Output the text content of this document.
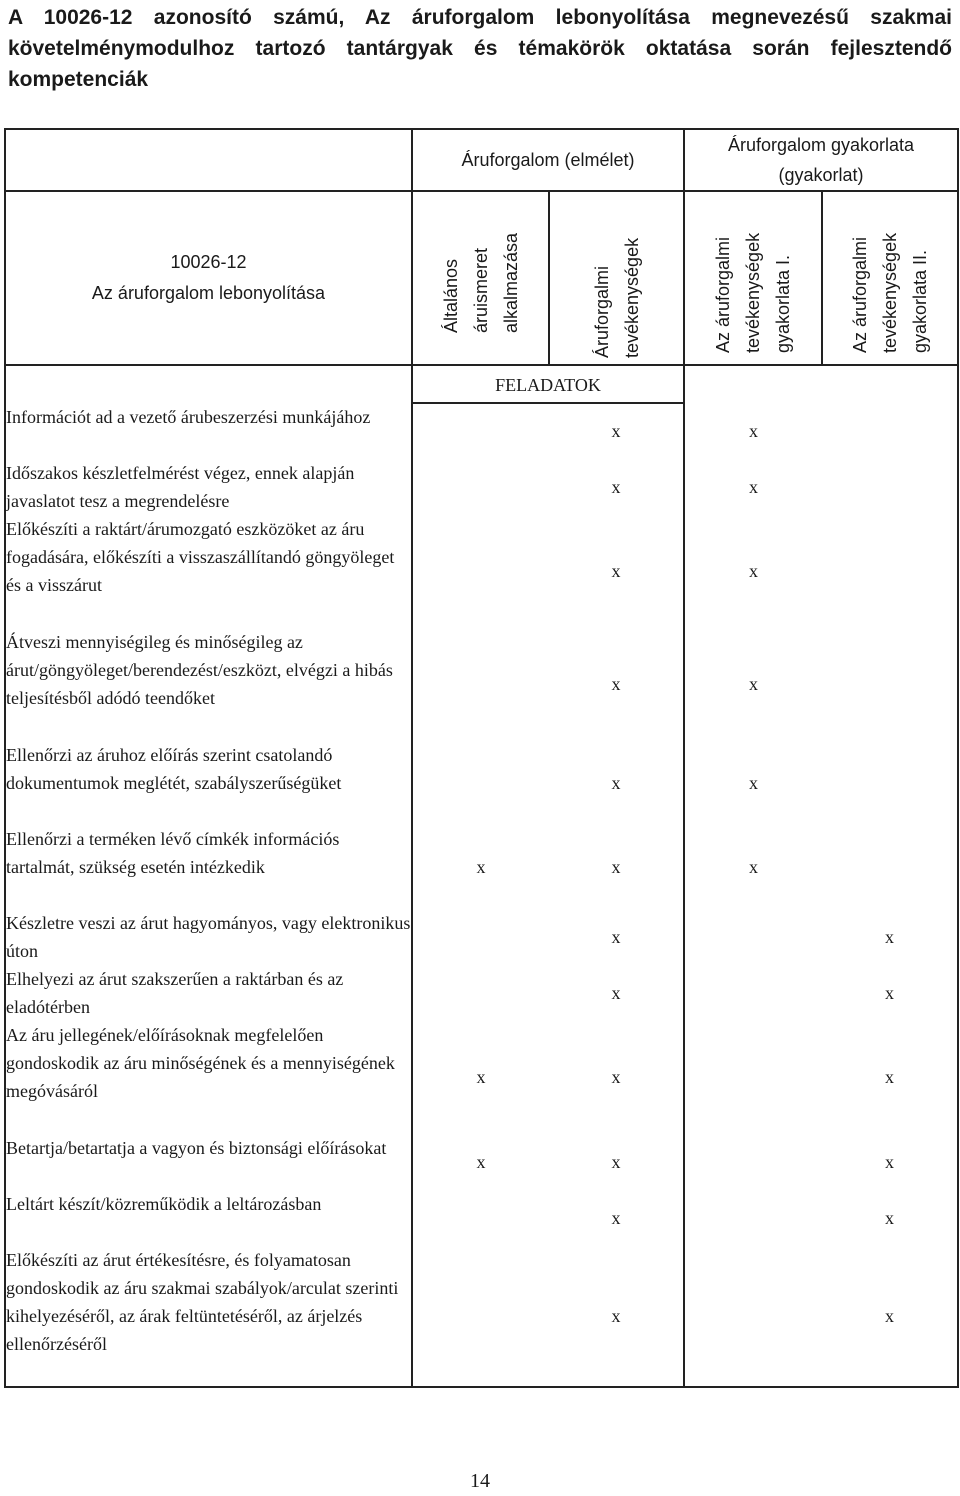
A 10026-12 azonosító számú, Az áruforgalom lebonyolítása megnevezésű szakmai követelménymodulhoz tartozó tantárgyak és témakörök oktatása során fejlesztendő kompetenciák
	Áruforgalom (elmélet)		Áruforgalom gyakorlata (gyakorlat)	

10026-12
Az áruforgalom lebonyolítása	Általános áruismeret alkalmazása	Áruforgalmi tevékenységek	Az áruforgalmi tevékenységek gyakorlata I.	Az áruforgalmi tevékenységek gyakorlata II.

	FELADATOK			
Információt ad a vezető árubeszerzési munkájához		x	x	
Időszakos készletfelmérést végez, ennek alapján javaslatot tesz a megrendelésre		x	x	
Előkészíti a raktárt/árumozgató eszközöket az áru fogadására, előkészíti a visszaszállítandó göngyöleget és a visszárut		x	x	
Átveszi mennyiségileg és minőségileg az árut/göngyöleget/berendezést/eszközt, elvégzi a hibás teljesítésből adódó teendőket		x	x	
Ellenőrzi az áruhoz előírás szerint csatolandó dokumentumok meglétét, szabályszerűségüket		x	x	
Ellenőrzi a terméken lévő címkék információs tartalmát, szükség esetén intézkedik	x	x	x	
Készletre veszi az árut hagyományos, vagy elektronikus úton		x		x
Elhelyezi az árut szakszerűen a raktárban és az eladótérben		x		x
Az áru jellegének/előírásoknak megfelelően gondoskodik az áru minőségének és a mennyiségének megóvásáról	x	x		x
Betartja/betartatja a vagyon és biztonsági előírásokat	x	x		x
Leltárt készít/közreműködik a leltározásban		x		x
Előkészíti az árut értékesítésre, és folyamatosan gondoskodik az áru szakmai szabályok/arculat szerinti kihelyezéséről, az árak feltüntetéséről, az árjelzés ellenőrzéséről		x		x
14
